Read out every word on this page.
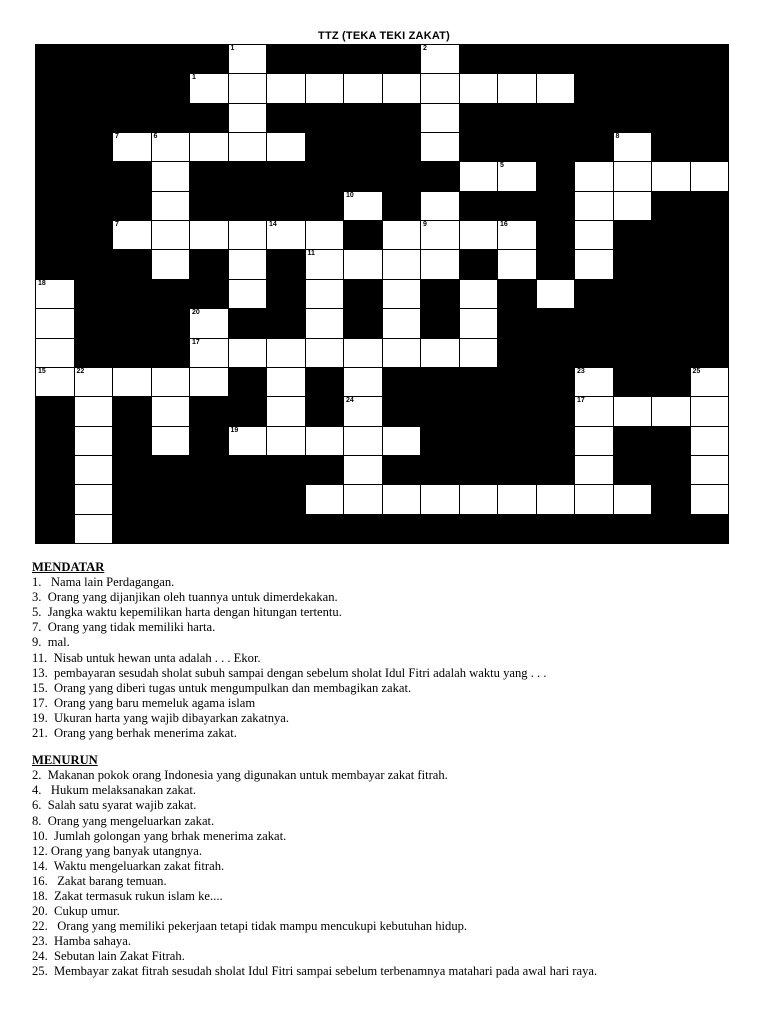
TTZ (TEKA TEKI ZAKAT)
1	2
1
7	6	8
5
10
7	14	9	16
11
18
20
17
15	22	23	25
24	17
19
MENDATAR
1.   Nama lain Perdagangan.
3.  Orang yang dijanjikan oleh tuannya untuk dimerdekakan.
5.  Jangka waktu kepemilikan harta dengan hitungan tertentu.
7.  Orang yang tidak memiliki harta.
9.  mal.
11.  Nisab untuk hewan unta adalah . . . Ekor.
13.  pembayaran sesudah sholat subuh sampai dengan sebelum sholat Idul Fitri adalah waktu yang . . .
15.  Orang yang diberi tugas untuk mengumpulkan dan membagikan zakat.
17.  Orang yang baru memeluk agama islam
19.  Ukuran harta yang wajib dibayarkan zakatnya.
21.  Orang yang berhak menerima zakat.
MENURUN
2.  Makanan pokok orang Indonesia yang digunakan untuk membayar zakat fitrah.
4.   Hukum melaksanakan zakat.
6.  Salah satu syarat wajib zakat.
8.  Orang yang mengeluarkan zakat.
10.  Jumlah golongan yang brhak menerima zakat.
12. Orang yang banyak utangnya.
14.  Waktu mengeluarkan zakat fitrah.
16.   Zakat barang temuan.
18.  Zakat termasuk rukun islam ke....
20.  Cukup umur.
22.   Orang yang memiliki pekerjaan tetapi tidak mampu mencukupi kebutuhan hidup.
23.  Hamba sahaya.
24.  Sebutan lain Zakat Fitrah.
25.  Membayar zakat fitrah sesudah sholat Idul Fitri sampai sebelum terbenamnya matahari pada awal hari raya.
